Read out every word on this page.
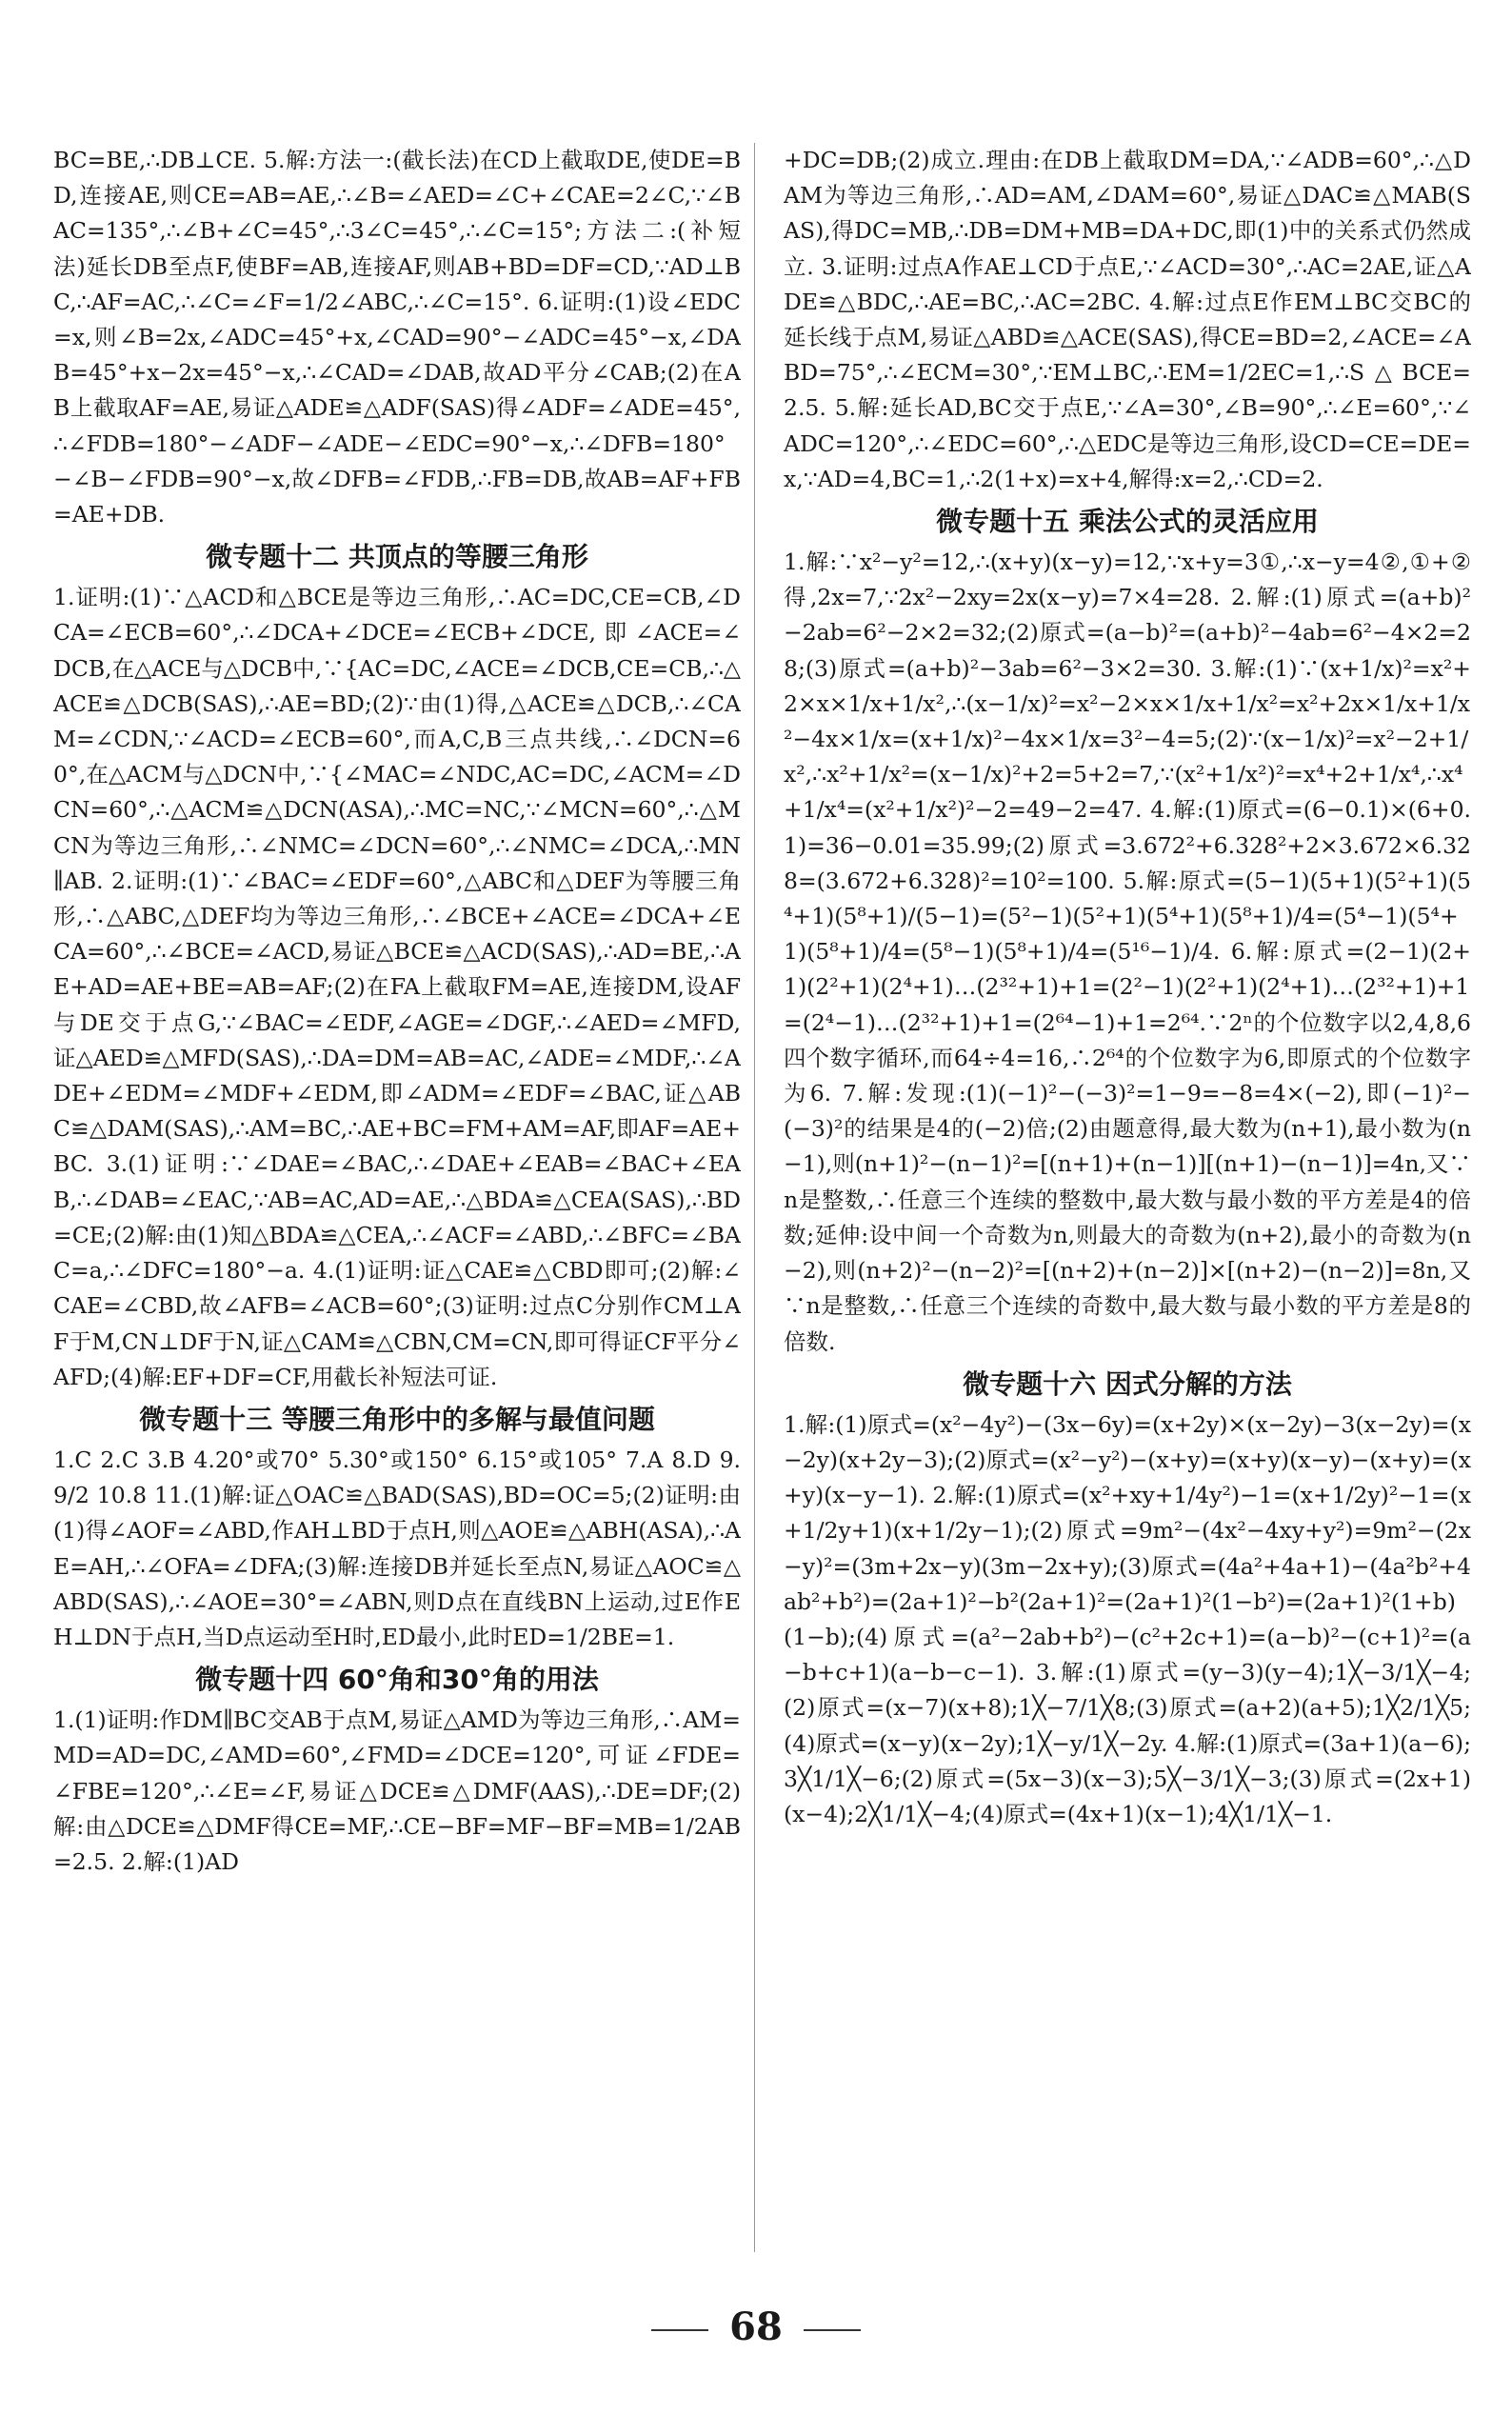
BC=BE,∴DB⊥CE. 5.解:方法一:(截长法)在CD上截取DE,使DE=BD,连接AE,则CE=AB=AE,∴∠B=∠AED=∠C+∠CAE=2∠C,∵∠BAC=135°,∴∠B+∠C=45°,∴3∠C=45°,∴∠C=15°;方法二:(补短法)延长DB至点F,使BF=AB,连接AF,则AB+BD=DF=CD,∵AD⊥BC,∴AF=AC,∴∠C=∠F=1/2∠ABC,∴∠C=15°. 6.证明:(1)设∠EDC=x,则∠B=2x,∠ADC=45°+x,∠CAD=90°−∠ADC=45°−x,∠DAB=45°+x−2x=45°−x,∴∠CAD=∠DAB,故AD平分∠CAB;(2)在AB上截取AF=AE,易证△ADE≌△ADF(SAS)得∠ADF=∠ADE=45°,∴∠FDB=180°−∠ADF−∠ADE−∠EDC=90°−x,∴∠DFB=180°−∠B−∠FDB=90°−x,故∠DFB=∠FDB,∴FB=DB,故AB=AF+FB=AE+DB.

微专题十二 共顶点的等腰三角形

1.证明:(1)∵△ACD和△BCE是等边三角形,∴AC=DC,CE=CB,∠DCA=∠ECB=60°,∴∠DCA+∠DCE=∠ECB+∠DCE,即∠ACE=∠DCB,在△ACE与△DCB中,∵{AC=DC,∠ACE=∠DCB,CE=CB,∴△ACE≌△DCB(SAS),∴AE=BD;(2)∵由(1)得,△ACE≌△DCB,∴∠CAM=∠CDN,∵∠ACD=∠ECB=60°,而A,C,B三点共线,∴∠DCN=60°,在△ACM与△DCN中,∵{∠MAC=∠NDC,AC=DC,∠ACM=∠DCN=60°,∴△ACM≌△DCN(ASA),∴MC=NC,∵∠MCN=60°,∴△MCN为等边三角形,∴∠NMC=∠DCN=60°,∴∠NMC=∠DCA,∴MN∥AB. 2.证明:(1)∵∠BAC=∠EDF=60°,△ABC和△DEF为等腰三角形,∴△ABC,△DEF均为等边三角形,∴∠BCE+∠ACE=∠DCA+∠ECA=60°,∴∠BCE=∠ACD,易证△BCE≌△ACD(SAS),∴AD=BE,∴AE+AD=AE+BE=AB=AF;(2)在FA上截取FM=AE,连接DM,设AF与DE交于点G,∵∠BAC=∠EDF,∠AGE=∠DGF,∴∠AED=∠MFD,证△AED≌△MFD(SAS),∴DA=DM=AB=AC,∠ADE=∠MDF,∴∠ADE+∠EDM=∠MDF+∠EDM,即∠ADM=∠EDF=∠BAC,证△ABC≌△DAM(SAS),∴AM=BC,∴AE+BC=FM+AM=AF,即AF=AE+BC. 3.(1)证明:∵∠DAE=∠BAC,∴∠DAE+∠EAB=∠BAC+∠EAB,∴∠DAB=∠EAC,∵AB=AC,AD=AE,∴△BDA≌△CEA(SAS),∴BD=CE;(2)解:由(1)知△BDA≌△CEA,∴∠ACF=∠ABD,∴∠BFC=∠BAC=a,∴∠DFC=180°−a. 4.(1)证明:证△CAE≌△CBD即可;(2)解:∠CAE=∠CBD,故∠AFB=∠ACB=60°;(3)证明:过点C分别作CM⊥AF于M,CN⊥DF于N,证△CAM≌△CBN,CM=CN,即可得证CF平分∠AFD;(4)解:EF+DF=CF,用截长补短法可证.

微专题十三 等腰三角形中的多解与最值问题

1.C 2.C 3.B 4.20°或70° 5.30°或150° 6.15°或105° 7.A 8.D 9.9/2 10.8 11.(1)解:证△OAC≌△BAD(SAS),BD=OC=5;(2)证明:由(1)得∠AOF=∠ABD,作AH⊥BD于点H,则△AOE≌△ABH(ASA),∴AE=AH,∴∠OFA=∠DFA;(3)解:连接DB并延长至点N,易证△AOC≌△ABD(SAS),∴∠AOE=30°=∠ABN,则D点在直线BN上运动,过E作EH⊥DN于点H,当D点运动至H时,ED最小,此时ED=1/2BE=1.

微专题十四 60°角和30°角的用法

1.(1)证明:作DM∥BC交AB于点M,易证△AMD为等边三角形,∴AM=MD=AD=DC,∠AMD=60°,∠FMD=∠DCE=120°,可证∠FDE=∠FBE=120°,∴∠E=∠F,易证△DCE≌△DMF(AAS),∴DE=DF;(2)解:由△DCE≌△DMF得CE=MF,∴CE−BF=MF−BF=MB=1/2AB=2.5. 2.解:(1)AD

+DC=DB;(2)成立.理由:在DB上截取DM=DA,∵∠ADB=60°,∴△DAM为等边三角形,∴AD=AM,∠DAM=60°,易证△DAC≌△MAB(SAS),得DC=MB,∴DB=DM+MB=DA+DC,即(1)中的关系式仍然成立. 3.证明:过点A作AE⊥CD于点E,∵∠ACD=30°,∴AC=2AE,证△ADE≌△BDC,∴AE=BC,∴AC=2BC. 4.解:过点E作EM⊥BC交BC的延长线于点M,易证△ABD≌△ACE(SAS),得CE=BD=2,∠ACE=∠ABD=75°,∴∠ECM=30°,∵EM⊥BC,∴EM=1/2EC=1,∴S△BCE=2.5. 5.解:延长AD,BC交于点E,∵∠A=30°,∠B=90°,∴∠E=60°,∵∠ADC=120°,∴∠EDC=60°,∴△EDC是等边三角形,设CD=CE=DE=x,∵AD=4,BC=1,∴2(1+x)=x+4,解得:x=2,∴CD=2.

微专题十五 乘法公式的灵活应用

1.解:∵x²−y²=12,∴(x+y)(x−y)=12,∵x+y=3①,∴x−y=4②,①+②得,2x=7,∵2x²−2xy=2x(x−y)=7×4=28. 2.解:(1)原式=(a+b)²−2ab=6²−2×2=32;(2)原式=(a−b)²=(a+b)²−4ab=6²−4×2=28;(3)原式=(a+b)²−3ab=6²−3×2=30. 3.解:(1)∵(x+1/x)²=x²+2×x×1/x+1/x²,∴(x−1/x)²=x²−2×x×1/x+1/x²=x²+2x×1/x+1/x²−4x×1/x=(x+1/x)²−4x×1/x=3²−4=5;(2)∵(x−1/x)²=x²−2+1/x²,∴x²+1/x²=(x−1/x)²+2=5+2=7,∵(x²+1/x²)²=x⁴+2+1/x⁴,∴x⁴+1/x⁴=(x²+1/x²)²−2=49−2=47. 4.解:(1)原式=(6−0.1)×(6+0.1)=36−0.01=35.99;(2)原式=3.672²+6.328²+2×3.672×6.328=(3.672+6.328)²=10²=100. 5.解:原式=(5−1)(5+1)(5²+1)(5⁴+1)(5⁸+1)/(5−1)=(5²−1)(5²+1)(5⁴+1)(5⁸+1)/4=(5⁴−1)(5⁴+1)(5⁸+1)/4=(5⁸−1)(5⁸+1)/4=(5¹⁶−1)/4. 6.解:原式=(2−1)(2+1)(2²+1)(2⁴+1)…(2³²+1)+1=(2²−1)(2²+1)(2⁴+1)…(2³²+1)+1=(2⁴−1)…(2³²+1)+1=(2⁶⁴−1)+1=2⁶⁴.∵2ⁿ的个位数字以2,4,8,6四个数字循环,而64÷4=16,∴2⁶⁴的个位数字为6,即原式的个位数字为6. 7.解:发现:(1)(−1)²−(−3)²=1−9=−8=4×(−2),即(−1)²−(−3)²的结果是4的(−2)倍;(2)由题意得,最大数为(n+1),最小数为(n−1),则(n+1)²−(n−1)²=[(n+1)+(n−1)][(n+1)−(n−1)]=4n,又∵n是整数,∴任意三个连续的整数中,最大数与最小数的平方差是4的倍数;延伸:设中间一个奇数为n,则最大的奇数为(n+2),最小的奇数为(n−2),则(n+2)²−(n−2)²=[(n+2)+(n−2)]×[(n+2)−(n−2)]=8n,又∵n是整数,∴任意三个连续的奇数中,最大数与最小数的平方差是8的倍数.

微专题十六 因式分解的方法

1.解:(1)原式=(x²−4y²)−(3x−6y)=(x+2y)×(x−2y)−3(x−2y)=(x−2y)(x+2y−3);(2)原式=(x²−y²)−(x+y)=(x+y)(x−y)−(x+y)=(x+y)(x−y−1). 2.解:(1)原式=(x²+xy+1/4y²)−1=(x+1/2y)²−1=(x+1/2y+1)(x+1/2y−1);(2)原式=9m²−(4x²−4xy+y²)=9m²−(2x−y)²=(3m+2x−y)(3m−2x+y);(3)原式=(4a²+4a+1)−(4a²b²+4ab²+b²)=(2a+1)²−b²(2a+1)²=(2a+1)²(1−b²)=(2a+1)²(1+b)(1−b);(4)原式=(a²−2ab+b²)−(c²+2c+1)=(a−b)²−(c+1)²=(a−b+c+1)(a−b−c−1). 3.解:(1)原式=(y−3)(y−4);1╳−3/1╳−4;(2)原式=(x−7)(x+8);1╳−7/1╳8;(3)原式=(a+2)(a+5);1╳2/1╳5;(4)原式=(x−y)(x−2y);1╳−y/1╳−2y. 4.解:(1)原式=(3a+1)(a−6);3╳1/1╳−6;(2)原式=(5x−3)(x−3);5╳−3/1╳−3;(3)原式=(2x+1)(x−4);2╳1/1╳−4;(4)原式=(4x+1)(x−1);4╳1/1╳−1.

68
